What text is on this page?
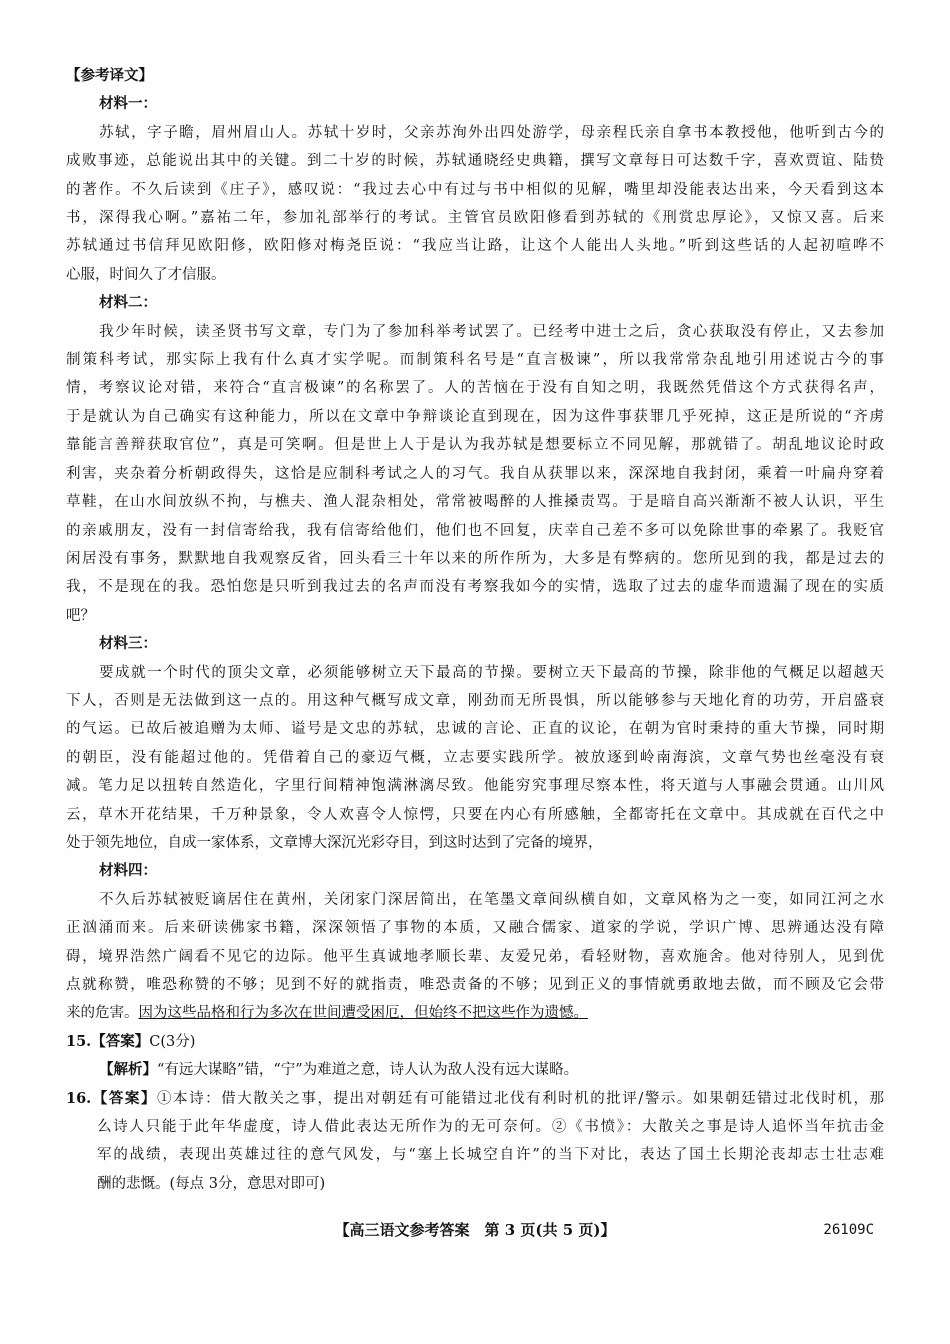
【参考译文】
材料一：
苏轼，字子瞻，眉州眉山人。苏轼十岁时，父亲苏洵外出四处游学，母亲程氏亲自拿书本教授他，他听到古今的
成败事迹，总能说出其中的关键。到二十岁的时候，苏轼通晓经史典籍，撰写文章每日可达数千字，喜欢贾谊、陆贽
的著作。不久后读到《庄子》，感叹说：“我过去心中有过与书中相似的见解，嘴里却没能表达出来，今天看到这本
书，深得我心啊。”嘉祐二年，参加礼部举行的考试。主管官员欧阳修看到苏轼的《刑赏忠厚论》，又惊又喜。后来
苏轼通过书信拜见欧阳修，欧阳修对梅尧臣说：“我应当让路，让这个人能出人头地。”听到这些话的人起初喧哗不
心服，时间久了才信服。
材料二：
我少年时候，读圣贤书写文章，专门为了参加科举考试罢了。已经考中进士之后，贪心获取没有停止，又去参加
制策科考试，那实际上我有什么真才实学呢。而制策科名号是“直言极谏”，所以我常常杂乱地引用述说古今的事
情，考察议论对错，来符合“直言极谏”的名称罢了。人的苦恼在于没有自知之明，我既然凭借这个方式获得名声，
于是就认为自己确实有这种能力，所以在文章中争辩谈论直到现在，因为这件事获罪几乎死掉，这正是所说的“齐虏
靠能言善辩获取官位”，真是可笑啊。但是世上人于是认为我苏轼是想要标立不同见解，那就错了。胡乱地议论时政
利害，夹杂着分析朝政得失，这恰是应制科考试之人的习气。我自从获罪以来，深深地自我封闭，乘着一叶扁舟穿着
草鞋，在山水间放纵不拘，与樵夫、渔人混杂相处，常常被喝醉的人推搡责骂。于是暗自高兴渐渐不被人认识，平生
的亲戚朋友，没有一封信寄给我，我有信寄给他们，他们也不回复，庆幸自己差不多可以免除世事的牵累了。我贬官
闲居没有事务，默默地自我观察反省，回头看三十年以来的所作所为，大多是有弊病的。您所见到的我，都是过去的
我，不是现在的我。恐怕您是只听到我过去的名声而没有考察我如今的实情，选取了过去的虚华而遗漏了现在的实质
吧？
材料三：
要成就一个时代的顶尖文章，必须能够树立天下最高的节操。要树立天下最高的节操，除非他的气概足以超越天
下人，否则是无法做到这一点的。用这种气概写成文章，刚劲而无所畏惧，所以能够参与天地化育的功劳，开启盛衰
的气运。已故后被追赠为太师、谥号是文忠的苏轼，忠诚的言论、正直的议论，在朝为官时秉持的重大节操，同时期
的朝臣，没有能超过他的。凭借着自己的豪迈气概，立志要实践所学。被放逐到岭南海滨，文章气势也丝毫没有衰
减。笔力足以扭转自然造化，字里行间精神饱满淋漓尽致。他能穷究事理尽察本性，将天道与人事融会贯通。山川风
云，草木开花结果，千万种景象，令人欢喜令人惊愕，只要在内心有所感触，全都寄托在文章中。其成就在百代之中
处于领先地位，自成一家体系，文章博大深沉光彩夺目，到这时达到了完备的境界，
材料四：
不久后苏轼被贬谪居住在黄州，关闭家门深居简出，在笔墨文章间纵横自如，文章风格为之一变，如同江河之水
正汹涌而来。后来研读佛家书籍，深深领悟了事物的本质，又融合儒家、道家的学说，学识广博、思辨通达没有障
碍，境界浩然广阔看不见它的边际。他平生真诚地孝顺长辈、友爱兄弟，看轻财物，喜欢施舍。他对待别人，见到优
点就称赞，唯恐称赞的不够；见到不好的就指责，唯恐责备的不够；见到正义的事情就勇敢地去做，而不顾及它会带
来的危害。因为这些品格和行为多次在世间遭受困厄，但始终不把这些作为遗憾。
15.【答案】C(3分)
【解析】“有远大谋略”错，“宁”为难道之意，诗人认为敌人没有远大谋略。
16.【答案】①本诗：借大散关之事，提出对朝廷有可能错过北伐有利时机的批评/警示。如果朝廷错过北伐时机，那
么诗人只能于此年华虚度，诗人借此表达无所作为的无可奈何。②《书愤》：大散关之事是诗人追怀当年抗击金
军的战绩，表现出英雄过往的意气风发，与“塞上长城空自许”的当下对比，表达了国土长期沦丧却志士壮志难
酬的悲慨。(每点 3分，意思对即可)
【高三语文参考答案　第 3 页(共 5 页)】	26109C
